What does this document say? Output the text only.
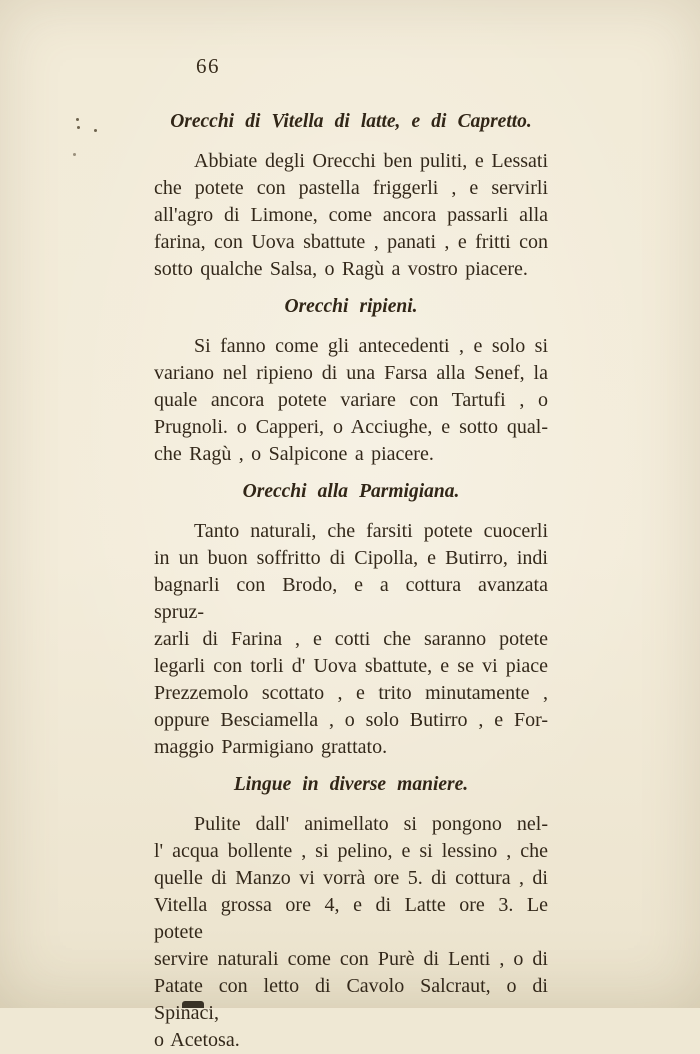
66
Orecchi di Vitella di latte, e di Capretto.
Abbiate degli Orecchi ben puliti, e Lessati
che potete con pastella friggerli , e servirli
all'agro di Limone, come ancora passarli alla
farina, con Uova sbattute , panati , e fritti con
sotto qualche Salsa, o Ragù a vostro piacere.
Orecchi ripieni.
Si fanno come gli antecedenti , e solo si
variano nel ripieno di una Farsa alla Senef, la
quale ancora potete variare con Tartufi , o
Prugnoli. o Capperi, o Acciughe, e sotto qual-
che Ragù , o Salpicone a piacere.
Orecchi alla Parmigiana.
Tanto naturali, che farsiti potete cuocerli
in un buon soffritto di Cipolla, e Butirro, indi
bagnarli con Brodo, e a cottura avanzata spruz-
zarli di Farina , e cotti che saranno potete
legarli con torli d' Uova sbattute, e se vi piace
Prezzemolo scottato , e trito minutamente ,
oppure Besciamella , o solo Butirro , e For-
maggio Parmigiano grattato.
Lingue in diverse maniere.
Pulite dall' animellato si pongono nel-
l' acqua bollente , si pelino, e si lessino , che
quelle di Manzo vi vorrà ore 5. di cottura , di
Vitella grossa ore 4, e di Latte ore 3. Le potete
servire naturali come con Purè di Lenti , o di
Patate con letto di Cavolo Salcraut, o di Spinaci,
o Acetosa.
